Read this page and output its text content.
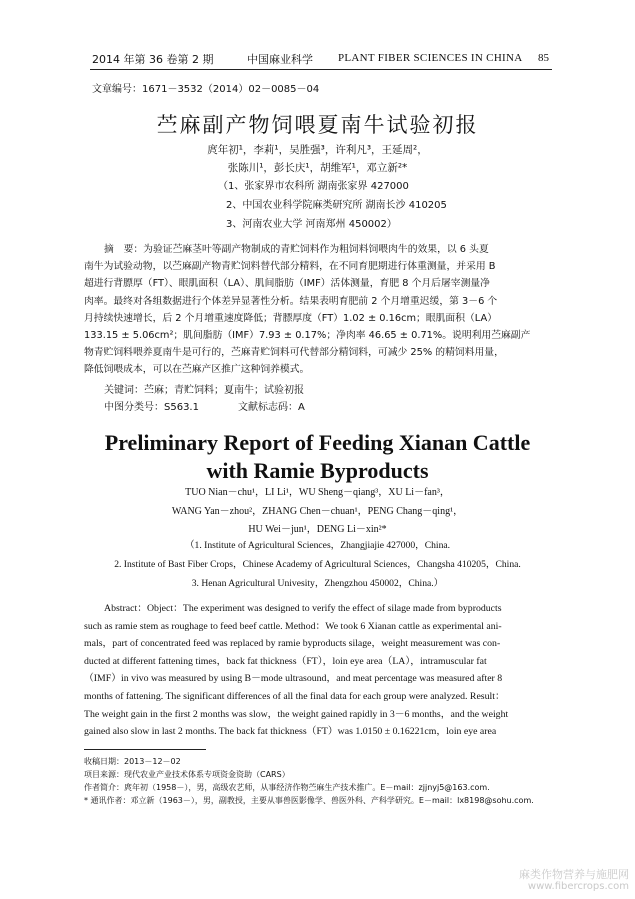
2014 年第 36 卷第 2 期	中国麻业科学 PLANT FIBER SCIENCES IN CHINA 85
文章编号：1671－3532（2014）02－0085－04
苎麻副产物饲喂夏南牛试验初报
庹年初¹，李莉¹，吴胜强³，许利凡³，王延周²，
张陈川¹，彭长庆¹，胡维军¹，邓立新²*
（1、张家界市农科所 湖南张家界 427000
2、中国农业科学院麻类研究所 湖南长沙 410205
3、河南农业大学 河南郑州 450002）
摘　要：为验证苎麻茎叶等副产物制成的青贮饲料作为粗饲料饲喂肉牛的效果，以 6 头夏
南牛为试验动物，以苎麻副产物青贮饲料替代部分精料，在不同育肥期进行体重测量，并采用 B
超进行背膘厚（FT）、眼肌面积（LA）、肌间脂肪（IMF）活体测量，育肥 8 个月后屠宰测量净
肉率。最终对各组数据进行个体差异显著性分析。结果表明育肥前 2 个月增重迟缓，第 3－6 个
月持续快速增长，后 2 个月增重速度降低；背膘厚度（FT）1.02 ± 0.16cm；眼肌面积（LA）
133.15 ± 5.06cm²；肌间脂肪（IMF）7.93 ± 0.17%；净肉率 46.65 ± 0.71%。说明利用苎麻副产
物青贮饲料喂养夏南牛是可行的，苎麻青贮饲料可代替部分精饲料，可减少 25% 的精饲料用量，
降低饲喂成本，可以在苎麻产区推广这种饲养模式。
关键词：苎麻；青贮饲料；夏南牛；试验初报
中图分类号：S563.1	文献标志码：A
Preliminary Report of Feeding Xianan Cattle
with Ramie Byproducts
TUO Nian－chu¹，LI Li¹，WU Sheng－qiang³，XU Li－fan³，
WANG Yan－zhou²，ZHANG Chen－chuan¹，PENG Chang－qing¹，
HU Wei－jun¹，DENG Li－xin²*
（1. Institute of Agricultural Sciences，Zhangjiajie 427000，China.
2. Institute of Bast Fiber Crops，Chinese Academy of Agricultural Sciences，Changsha 410205，China.
3. Henan Agricultural Univesity，Zhengzhou 450002，China.）
Abstract：Object：The experiment was designed to verify the effect of silage made from byproducts
such as ramie stem as roughage to feed beef cattle. Method：We took 6 Xianan cattle as experimental ani-
mals，part of concentrated feed was replaced by ramie byproducts silage，weight measurement was con-
ducted at different fattening times，back fat thickness（FT），loin eye area（LA），intramuscular fat
（IMF）in vivo was measured by using B－mode ultrasound，and meat percentage was measured after 8
months of fattening. The significant differences of all the final data for each group were analyzed. Result：
The weight gain in the first 2 months was slow，the weight gained rapidly in 3－6 months，and the weight
gained also slow in last 2 months. The back fat thickness（FT）was 1.0150 ± 0.16221cm，loin eye area
收稿日期：2013－12－02
项目来源：现代农业产业技术体系专项资金资助（CARS）
作者简介：庹年初（1958－），男，高级农艺师，从事经济作物苎麻生产技术推广。E－mail：zjjnyj5@163.com.
* 通讯作者：邓立新（1963－），男，副教授，主要从事兽医影像学、兽医外科、产科学研究。E－mail：lx8198@sohu.com.
麻类作物营养与施肥网
www.fibercrops.com
